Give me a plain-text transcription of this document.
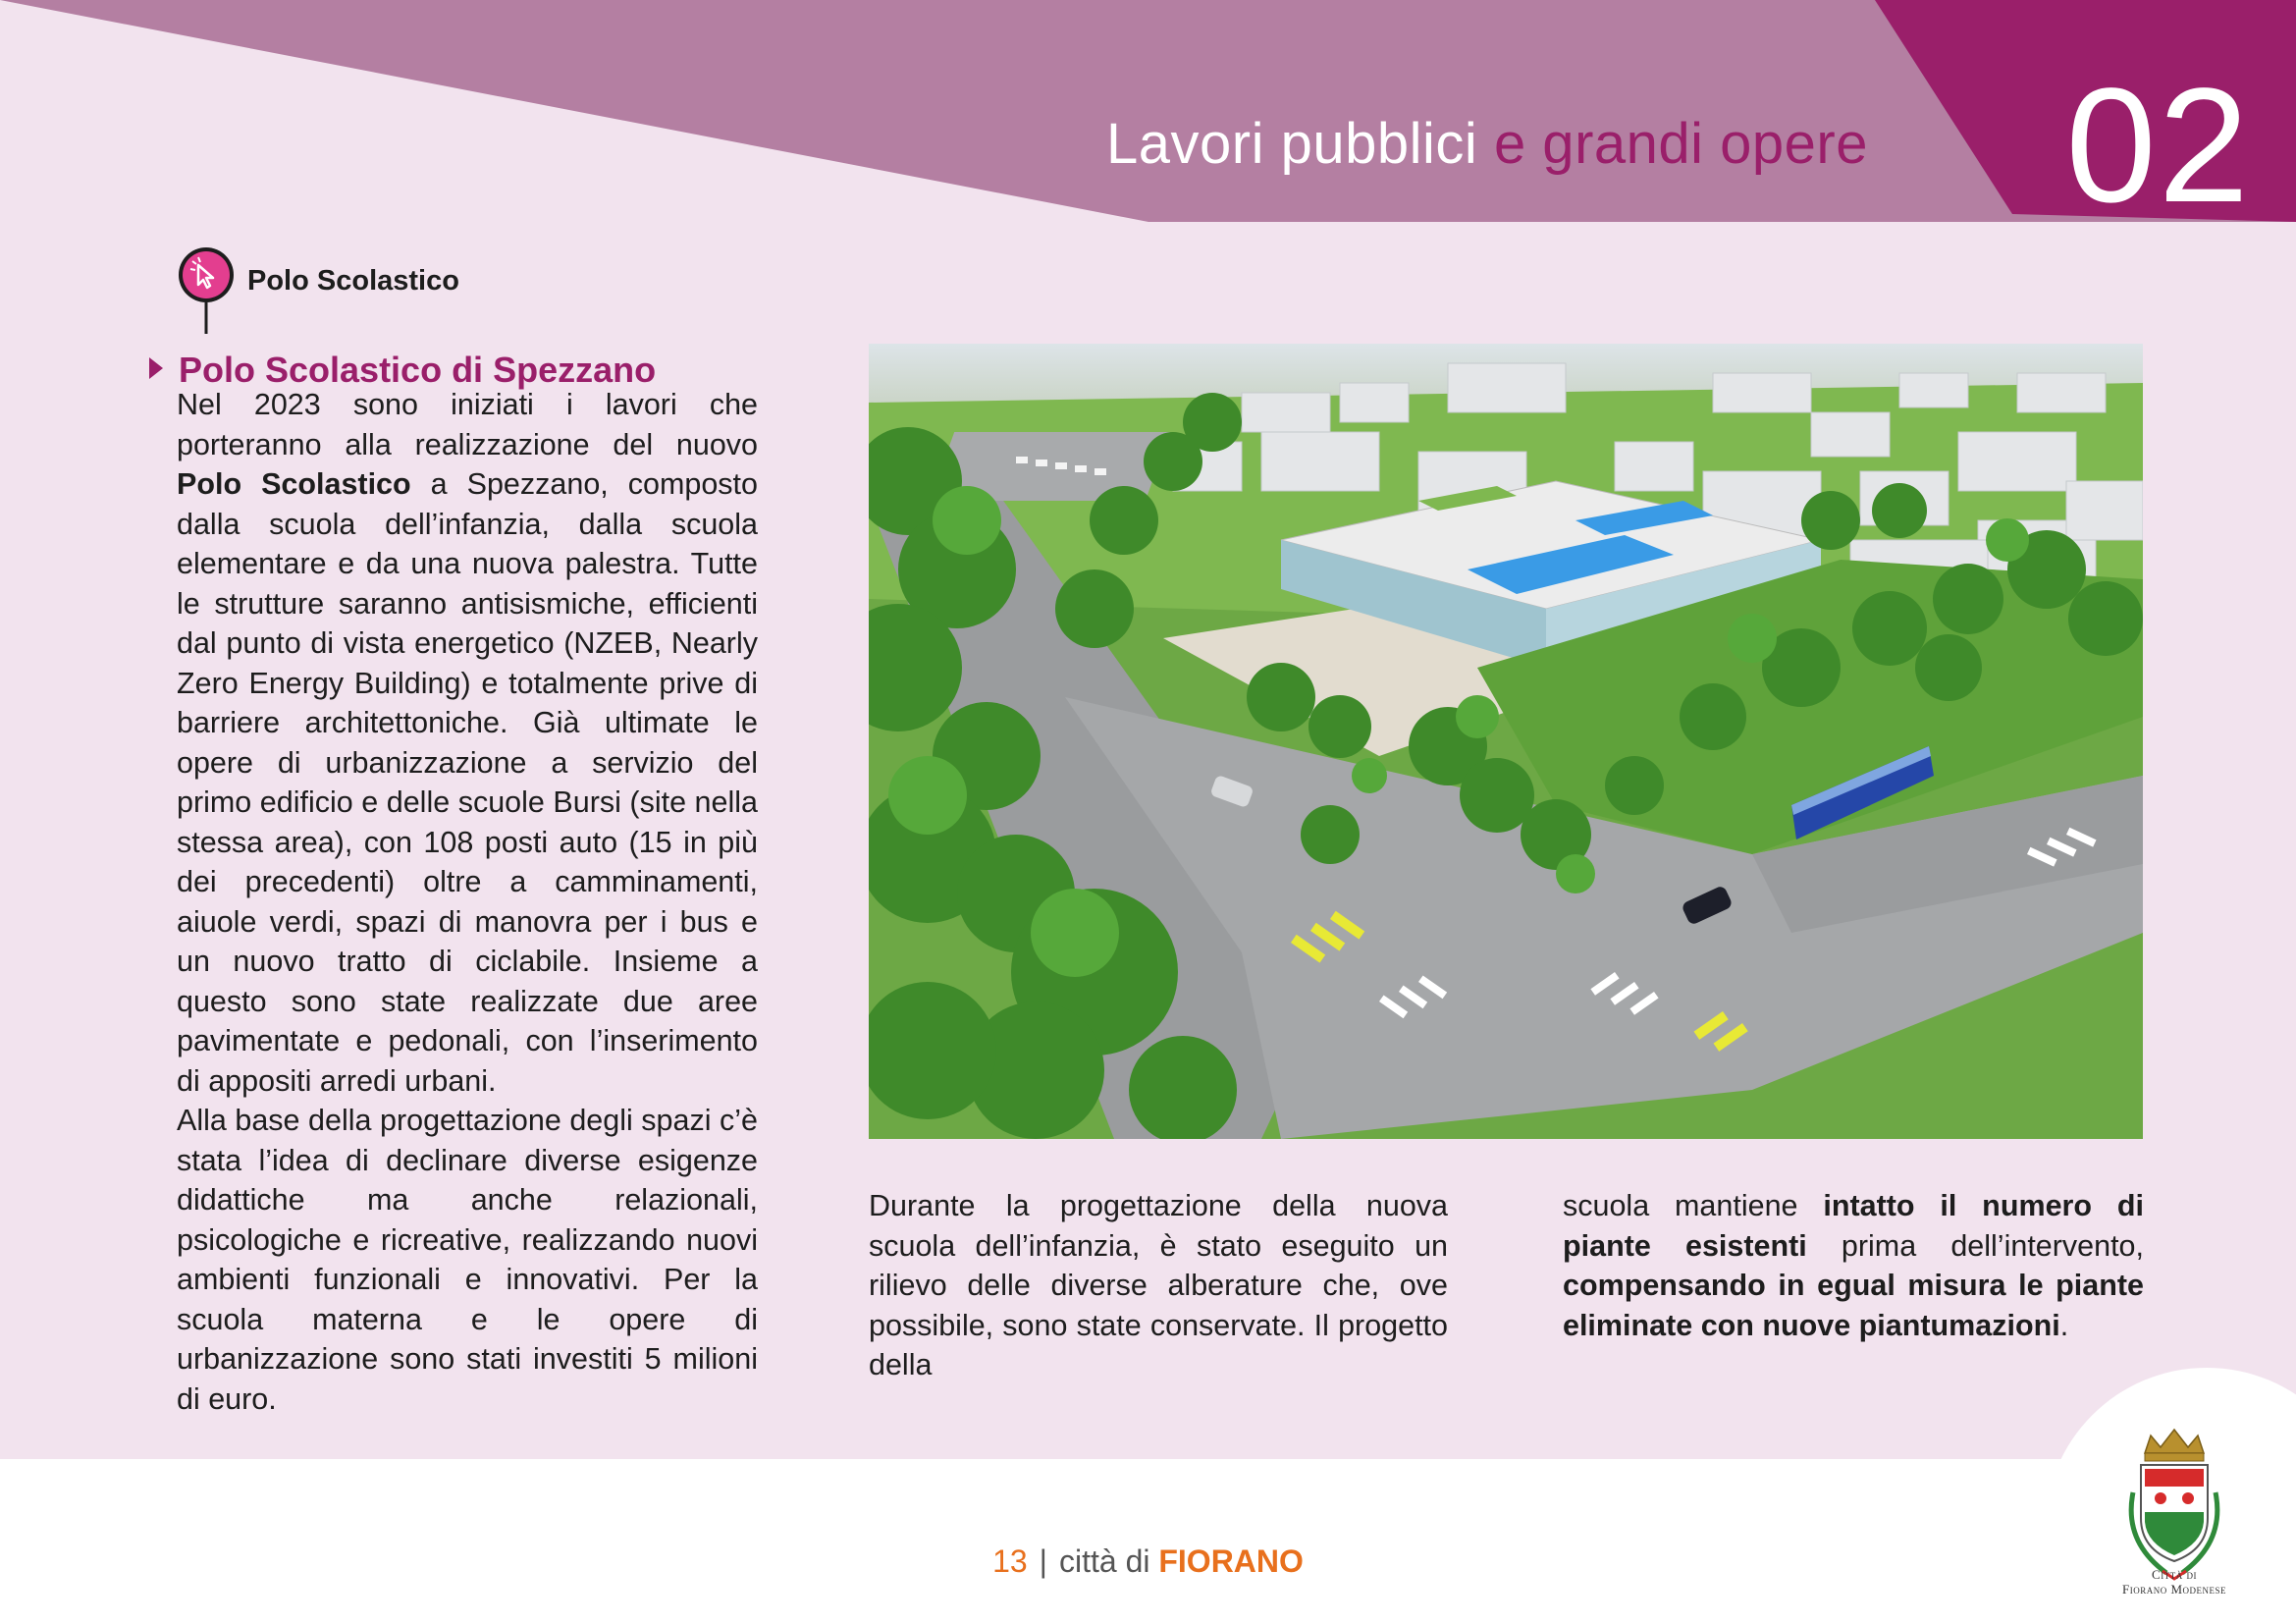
Lavori pubblici e grandi opere 02
Polo Scolastico
Polo Scolastico di Spezzano

Nel 2023 sono iniziati i lavori che porteranno alla realizzazione del nuovo Polo Scolastico a Spezzano, composto dalla scuola dell’infanzia, dalla scuola elementare e da una nuova palestra. Tutte le strutture saranno antisismiche, efficienti dal punto di vista energetico (NZEB, Nearly Zero Energy Building) e totalmente prive di barriere architettoniche. Già ultimate le opere di urbanizzazione a servizio del primo edificio e delle scuole Bursi (site nella stessa area), con 108 posti auto (15 in più dei precedenti) oltre a camminamenti, aiuole verdi, spazi di manovra per i bus e un nuovo tratto di ciclabile. Insieme a questo sono state realizzate due aree pavimentate e pedonali, con l’inserimento di appositi arredi urbani.

Alla base della progettazione degli spazi c’è stata l’idea di declinare diverse esigenze didattiche ma anche relazionali, psicologiche e ricreative, realizzando nuovi ambienti funzionali e innovativi. Per la scuola materna e le opere di urbanizzazione sono stati investiti 5 milioni di euro.

Durante la progettazione della nuova scuola dell’infanzia, è stato eseguito un rilievo delle diverse alberature che, ove possibile, sono state conservate. Il progetto della
scuola mantiene intatto il numero di piante esistenti prima dell’intervento, compensando in egual misura le piante eliminate con nuove piantumazioni.
13 | città di FIORANO	Città di
Fiorano Modenese
